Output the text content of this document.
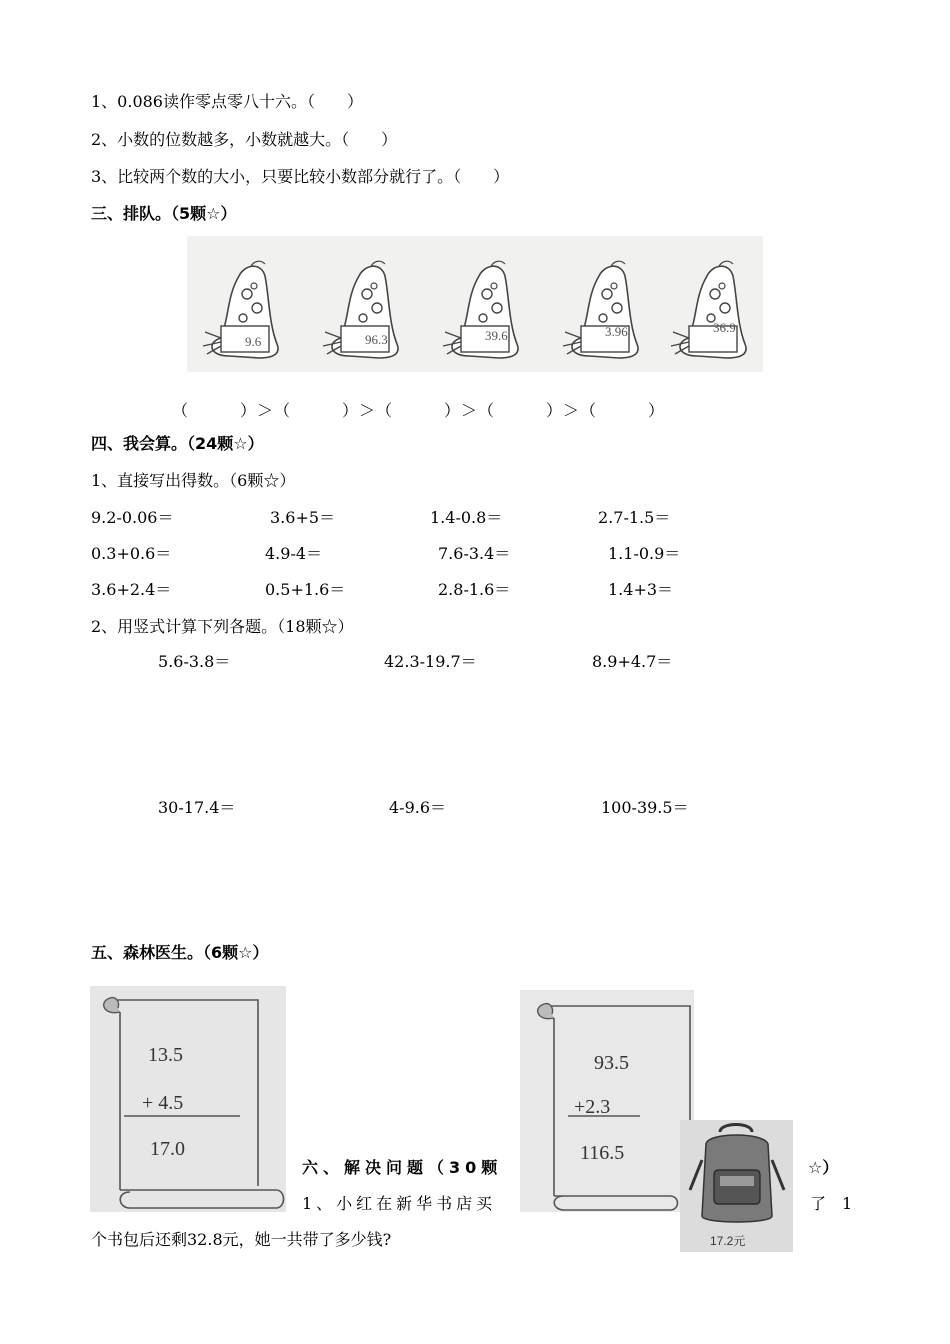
1、0.086读作零点零八十六。（　　）
2、小数的位数越多，小数就越大。（　　）
3、比较两个数的大小，只要比较小数部分就行了。（　　）
三、排队。（5颗☆）
9.6	96.3	39.6	3.96	36.9
（　　　）＞（　　　）＞（　　　）＞（　　　）＞（　　　）
四、我会算。（24颗☆）
1、直接写出得数。（6颗☆）
9.2-0.06＝	3.6+5＝	1.4-0.8＝	2.7-1.5＝
0.3+0.6＝	4.9-4＝	7.6-3.4＝	1.1-0.9＝
3.6+2.4＝	0.5+1.6＝	2.8-1.6＝	1.4+3＝
2、用竖式计算下列各题。（18颗☆）
5.6-3.8＝	42.3-19.7＝	8.9+4.7＝
30-17.4＝	4-9.6＝	100-39.5＝
五、森林医生。（6颗☆）
13.5
+ 4.5
17.0
93.5
+2.3
116.5
17.2元
六、解决问题（30颗	☆）
1、小红在新华书店买	了　1
个书包后还剩32.8元，她一共带了多少钱?
